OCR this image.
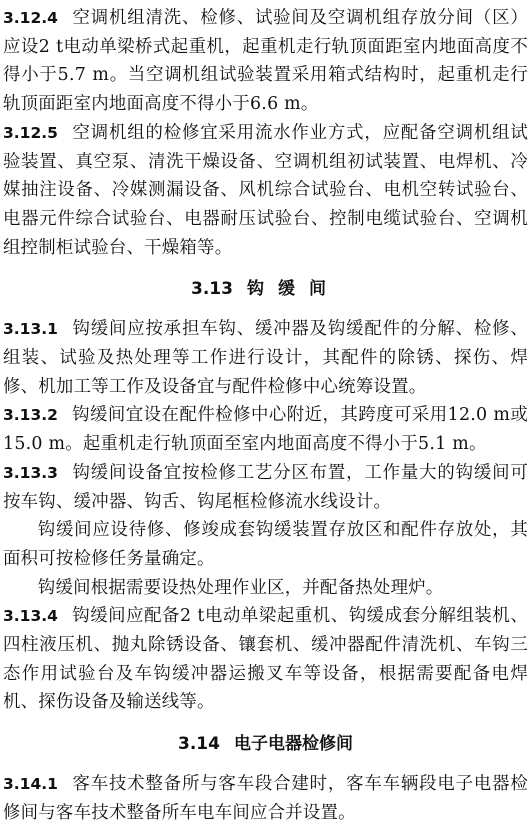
3.12.4 空调机组清洗、检修、试验间及空调机组存放分间（区）应设2 t电动单梁桥式起重机，起重机走行轨顶面距室内地面高度不得小于5.7 m。当空调机组试验装置采用箱式结构时，起重机走行轨顶面距室内地面高度不得小于6.6 m。

3.12.5 空调机组的检修宜采用流水作业方式，应配备空调机组试验装置、真空泵、清洗干燥设备、空调机组初试装置、电焊机、冷媒抽注设备、冷媒测漏设备、风机综合试验台、电机空转试验台、电器元件综合试验台、电器耐压试验台、控制电缆试验台、空调机组控制柜试验台、干燥箱等。

3.13 钩缓间

3.13.1 钩缓间应按承担车钩、缓冲器及钩缓配件的分解、检修、组装、试验及热处理等工作进行设计，其配件的除锈、探伤、焊修、机加工等工作及设备宜与配件检修中心统筹设置。

3.13.2 钩缓间宜设在配件检修中心附近，其跨度可采用12.0 m或15.0 m。起重机走行轨顶面至室内地面高度不得小于5.1 m。

3.13.3 钩缓间设备宜按检修工艺分区布置，工作量大的钩缓间可按车钩、缓冲器、钩舌、钩尾框检修流水线设计。

钩缓间应设待修、修竣成套钩缓装置存放区和配件存放处，其面积可按检修任务量确定。

钩缓间根据需要设热处理作业区，并配备热处理炉。

3.13.4 钩缓间应配备2 t电动单梁起重机、钩缓成套分解组装机、四柱液压机、抛丸除锈设备、镶套机、缓冲器配件清洗机、车钩三态作用试验台及车钩缓冲器运搬叉车等设备，根据需要配备电焊机、探伤设备及输送线等。

3.14 电子电器检修间

3.14.1 客车技术整备所与客车段合建时，客车车辆段电子电器检修间与客车技术整备所车电车间应合并设置。
